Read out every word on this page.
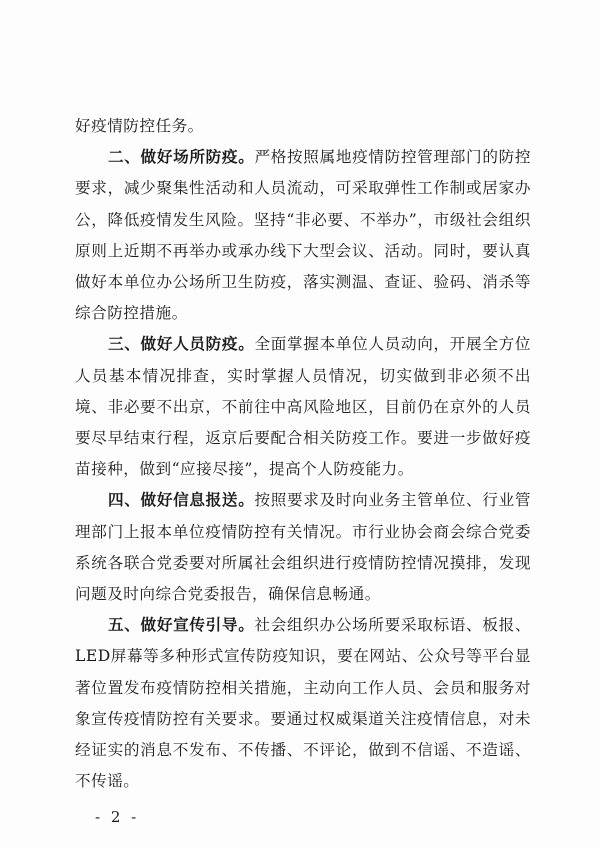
好疫情防控任务。

二、做好场所防疫。严格按照属地疫情防控管理部门的防控要求，减少聚集性活动和人员流动，可采取弹性工作制或居家办公，降低疫情发生风险。坚持“非必要、不举办”，市级社会组织原则上近期不再举办或承办线下大型会议、活动。同时，要认真做好本单位办公场所卫生防疫，落实测温、查证、验码、消杀等综合防控措施。

三、做好人员防疫。全面掌握本单位人员动向，开展全方位人员基本情况排查，实时掌握人员情况，切实做到非必须不出境、非必要不出京，不前往中高风险地区，目前仍在京外的人员要尽早结束行程，返京后要配合相关防疫工作。要进一步做好疫苗接种，做到“应接尽接”，提高个人防疫能力。

四、做好信息报送。按照要求及时向业务主管单位、行业管理部门上报本单位疫情防控有关情况。市行业协会商会综合党委系统各联合党委要对所属社会组织进行疫情防控情况摸排，发现问题及时向综合党委报告，确保信息畅通。

五、做好宣传引导。社会组织办公场所要采取标语、板报、LED屏幕等多种形式宣传防疫知识，要在网站、公众号等平台显著位置发布疫情防控相关措施，主动向工作人员、会员和服务对象宣传疫情防控有关要求。要通过权威渠道关注疫情信息，对未经证实的消息不发布、不传播、不评论，做到不信谣、不造谣、不传谣。

- 2 -
